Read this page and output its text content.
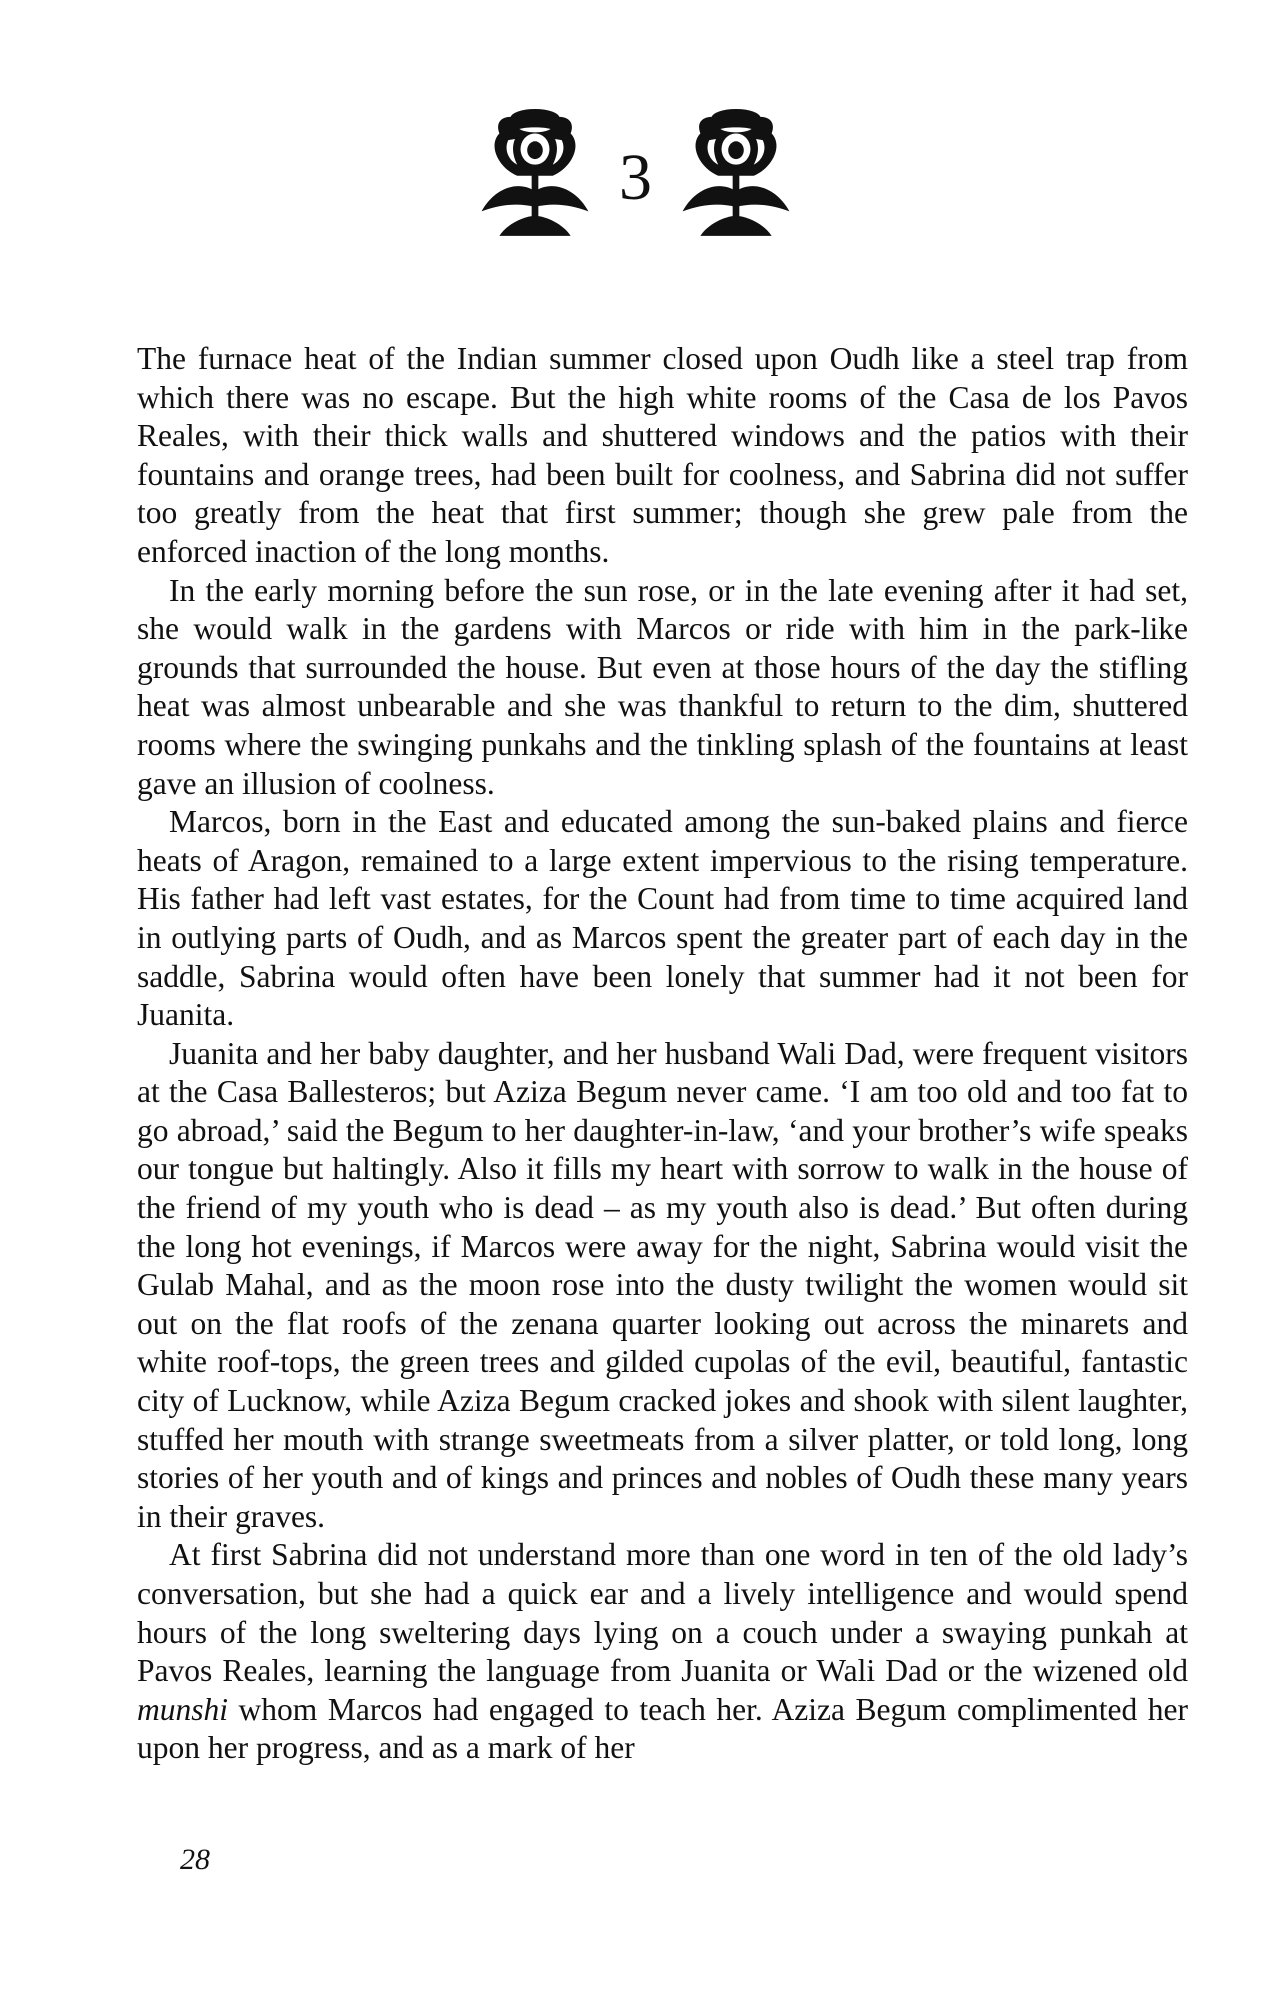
3

The furnace heat of the Indian summer closed upon Oudh like a steel trap from which there was no escape. But the high white rooms of the Casa de los Pavos Reales, with their thick walls and shuttered windows and the patios with their fountains and orange trees, had been built for coolness, and Sabrina did not suffer too greatly from the heat that first summer; though she grew pale from the enforced inaction of the long months.

In the early morning before the sun rose, or in the late evening after it had set, she would walk in the gardens with Marcos or ride with him in the park-like grounds that surrounded the house. But even at those hours of the day the stifling heat was almost unbearable and she was thankful to return to the dim, shuttered rooms where the swinging punkahs and the tinkling splash of the fountains at least gave an illusion of coolness.

Marcos, born in the East and educated among the sun-baked plains and fierce heats of Aragon, remained to a large extent impervious to the rising temperature. His father had left vast estates, for the Count had from time to time acquired land in outlying parts of Oudh, and as Marcos spent the greater part of each day in the saddle, Sabrina would often have been lonely that summer had it not been for Juanita.

Juanita and her baby daughter, and her husband Wali Dad, were frequent visitors at the Casa Ballesteros; but Aziza Begum never came. ‘I am too old and too fat to go abroad,’ said the Begum to her daughter-in-law, ‘and your brother’s wife speaks our tongue but haltingly. Also it fills my heart with sorrow to walk in the house of the friend of my youth who is dead – as my youth also is dead.’ But often during the long hot evenings, if Marcos were away for the night, Sabrina would visit the Gulab Mahal, and as the moon rose into the dusty twilight the women would sit out on the flat roofs of the zenana quarter looking out across the minarets and white roof-tops, the green trees and gilded cupolas of the evil, beautiful, fantastic city of Lucknow, while Aziza Begum cracked jokes and shook with silent laughter, stuffed her mouth with strange sweetmeats from a silver platter, or told long, long stories of her youth and of kings and princes and nobles of Oudh these many years in their graves.

At first Sabrina did not understand more than one word in ten of the old lady’s conversation, but she had a quick ear and a lively intelligence and would spend hours of the long sweltering days lying on a couch under a swaying punkah at Pavos Reales, learning the language from Juanita or Wali Dad or the wizened old munshi whom Marcos had engaged to teach her. Aziza Begum complimented her upon her progress, and as a mark of her

28
